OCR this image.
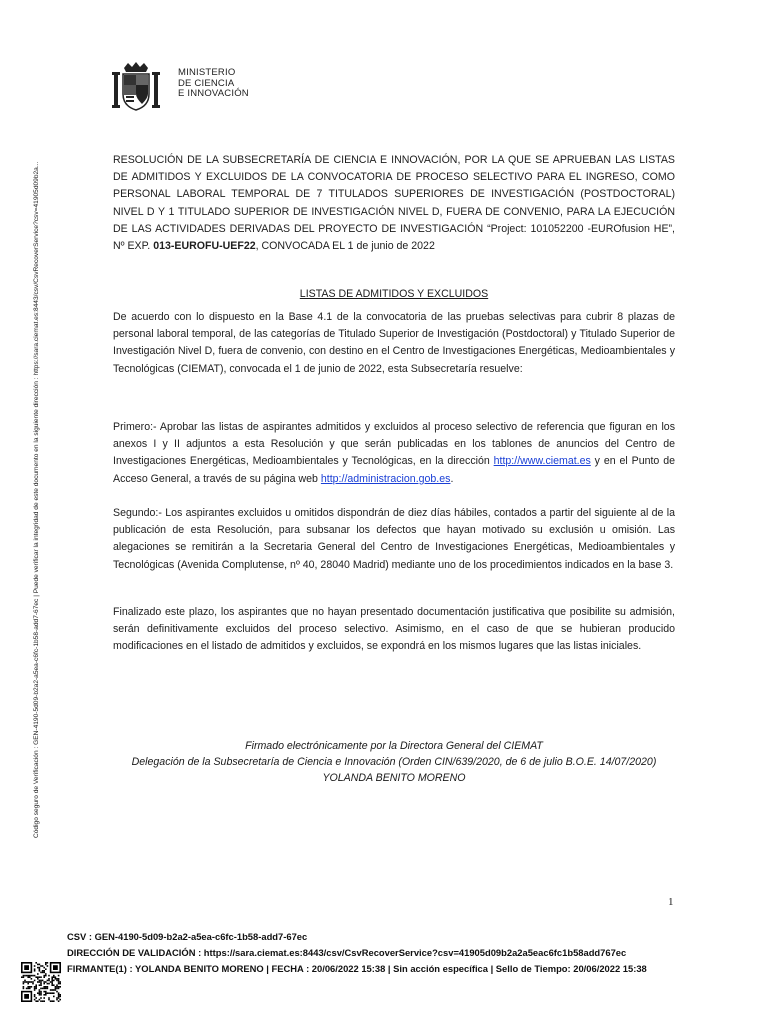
Código seguro de Verificación : GEN-4190-5d09-b2a2-a5ea-c6fc-1b58-add7-67ec | Puede verificar la integridad de este documento en la siguiente dirección : https://sara.ciemat.es:8443/csv/CsvRecoverService?csv=41905d09b2a...
MINISTERIO
DE CIENCIA
E INNOVACIÓN
RESOLUCIÓN DE LA SUBSECRETARÍA DE CIENCIA E INNOVACIÓN, POR LA QUE SE APRUEBAN LAS LISTAS DE ADMITIDOS Y EXCLUIDOS DE LA CONVOCATORIA DE PROCESO SELECTIVO PARA EL INGRESO, COMO PERSONAL LABORAL TEMPORAL DE 7 TITULADOS SUPERIORES DE INVESTIGACIÓN (POSTDOCTORAL) NIVEL D Y 1 TITULADO SUPERIOR DE INVESTIGACIÓN NIVEL D, FUERA DE CONVENIO, PARA LA EJECUCIÓN DE LAS ACTIVIDADES DERIVADAS DEL PROYECTO DE INVESTIGACIÓN “Project: 101052200 -EUROfusion HE”, Nº EXP. 013-EUROFU-UEF22, CONVOCADA EL 1 de junio de 2022
LISTAS DE ADMITIDOS Y EXCLUIDOS
De acuerdo con lo dispuesto en la Base 4.1 de la convocatoria de las pruebas selectivas para cubrir 8 plazas de personal laboral temporal, de las categorías de Titulado Superior de Investigación (Postdoctoral) y Titulado Superior de Investigación Nivel D, fuera de convenio, con destino en el Centro de Investigaciones Energéticas, Medioambientales y Tecnológicas (CIEMAT), convocada el 1 de junio de 2022, esta Subsecretaría resuelve:
Primero:- Aprobar las listas de aspirantes admitidos y excluidos al proceso selectivo de referencia que figuran en los anexos I y II adjuntos a esta Resolución y que serán publicadas en los tablones de anuncios del Centro de Investigaciones Energéticas, Medioambientales y Tecnológicas, en la dirección http://www.ciemat.es y en el Punto de Acceso General, a través de su página web http://administracion.gob.es.
Segundo:- Los aspirantes excluidos u omitidos dispondrán de diez días hábiles, contados a partir del siguiente al de la publicación de esta Resolución, para subsanar los defectos que hayan motivado su exclusión u omisión. Las alegaciones se remitirán a la Secretaria General del Centro de Investigaciones Energéticas, Medioambientales y Tecnológicas (Avenida Complutense, nº 40, 28040 Madrid) mediante uno de los procedimientos indicados en la base 3.
Finalizado este plazo, los aspirantes que no hayan presentado documentación justificativa que posibilite su admisión, serán definitivamente excluidos del proceso selectivo. Asimismo, en el caso de que se hubieran producido modificaciones en el listado de admitidos y excluidos, se expondrá en los mismos lugares que las listas iniciales.
Firmado electrónicamente por la Directora General del CIEMAT
Delegación de la Subsecretaría de Ciencia e Innovación (Orden CIN/639/2020, de 6 de julio B.O.E. 14/07/2020)
YOLANDA BENITO MORENO
1
CSV : GEN-4190-5d09-b2a2-a5ea-c6fc-1b58-add7-67ec
DIRECCIÓN DE VALIDACIÓN : https://sara.ciemat.es:8443/csv/CsvRecoverService?csv=41905d09b2a2a5eac6fc1b58add767ec
FIRMANTE(1) : YOLANDA BENITO MORENO | FECHA : 20/06/2022 15:38 | Sin acción específica | Sello de Tiempo: 20/06/2022 15:38
